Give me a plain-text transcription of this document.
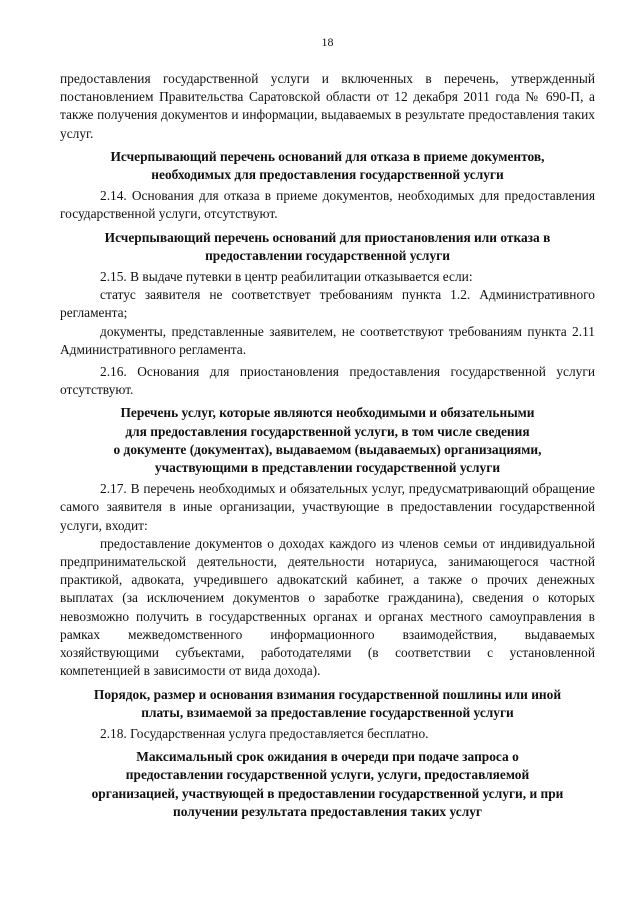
18

предоставления государственной услуги и включенных в перечень, утвержденный постановлением Правительства Саратовской области от 12 декабря 2011 года № 690-П, а также получения документов и информации, выдаваемых в результате предоставления таких услуг.

Исчерпывающий перечень оснований для отказа в приеме документов,
необходимых для предоставления государственной услуги

2.14. Основания для отказа в приеме документов, необходимых для предоставления государственной услуги, отсутствуют.

Исчерпывающий перечень оснований для приостановления или отказа в
предоставлении государственной услуги

2.15. В выдаче путевки в центр реабилитации отказывается если:

статус заявителя не соответствует требованиям пункта 1.2. Административного регламента;

документы, представленные заявителем, не соответствуют требованиям пункта 2.11 Административного регламента.

2.16. Основания для приостановления предоставления государственной услуги отсутствуют.

Перечень услуг, которые являются необходимыми и обязательными
для предоставления государственной услуги, в том числе сведения
о документе (документах), выдаваемом (выдаваемых) организациями,
участвующими в представлении государственной услуги

2.17. В перечень необходимых и обязательных услуг, предусматривающий обращение самого заявителя в иные организации, участвующие в предоставлении государственной услуги, входит:

предоставление документов о доходах каждого из членов семьи от индивидуальной предпринимательской деятельности, деятельности нотариуса, занимающегося частной практикой, адвоката, учредившего адвокатский кабинет, а также о прочих денежных выплатах (за исключением документов о заработке гражданина), сведения о которых невозможно получить в государственных органах и органах местного самоуправления в рамках межведомственного информационного взаимодействия, выдаваемых хозяйствующими субъектами, работодателями (в соответствии с установленной компетенцией в зависимости от вида дохода).

Порядок, размер и основания взимания государственной пошлины или иной
платы, взимаемой за предоставление государственной услуги

2.18. Государственная услуга предоставляется бесплатно.

Максимальный срок ожидания в очереди при подаче запроса о
предоставлении государственной услуги, услуги, предоставляемой
организацией, участвующей в предоставлении государственной услуги, и при
получении результата предоставления таких услуг
